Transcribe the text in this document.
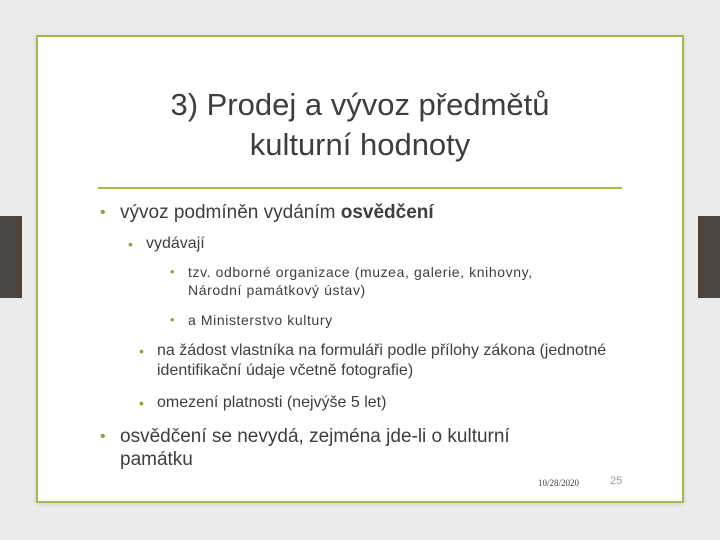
3) Prodej a vývoz předmětů
kulturní hodnoty
• vývoz podmíněn vydáním osvědčení
• vydávají
• tzv. odborné organizace (muzea, galerie, knihovny, Národní památkový ústav)
• a Ministerstvo kultury
• na žádost vlastníka na formuláři podle přílohy zákona (jednotné identifikační údaje včetně fotografie)
• omezení platnosti (nejvýše 5 let)
• osvědčení se nevydá, zejména jde-li o kulturní památku
10/28/2020	25
